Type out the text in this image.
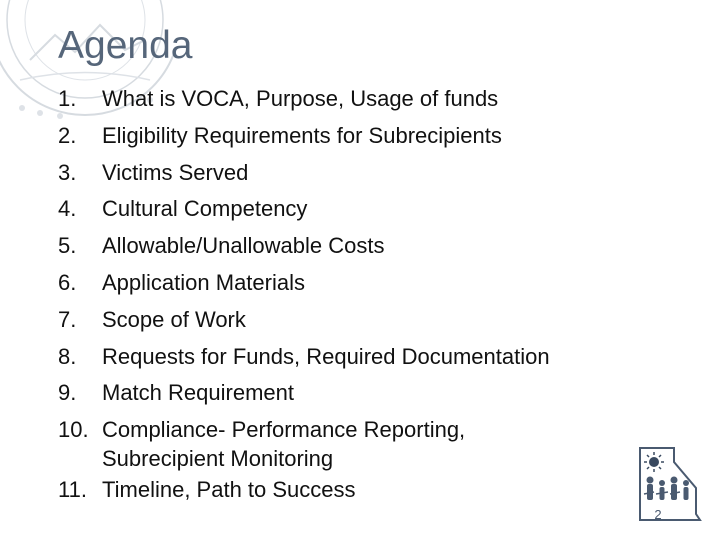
Agenda
1.	What is VOCA, Purpose, Usage of funds
2.	Eligibility Requirements for Subrecipients
3.	Victims Served
4.	Cultural Competency
5.	Allowable/Unallowable Costs
6.	Application Materials
7.	Scope of Work
8.	Requests for Funds, Required Documentation
9.	Match Requirement
10. Compliance- Performance Reporting,
Subrecipient Monitoring
11. Timeline, Path to Success
2
